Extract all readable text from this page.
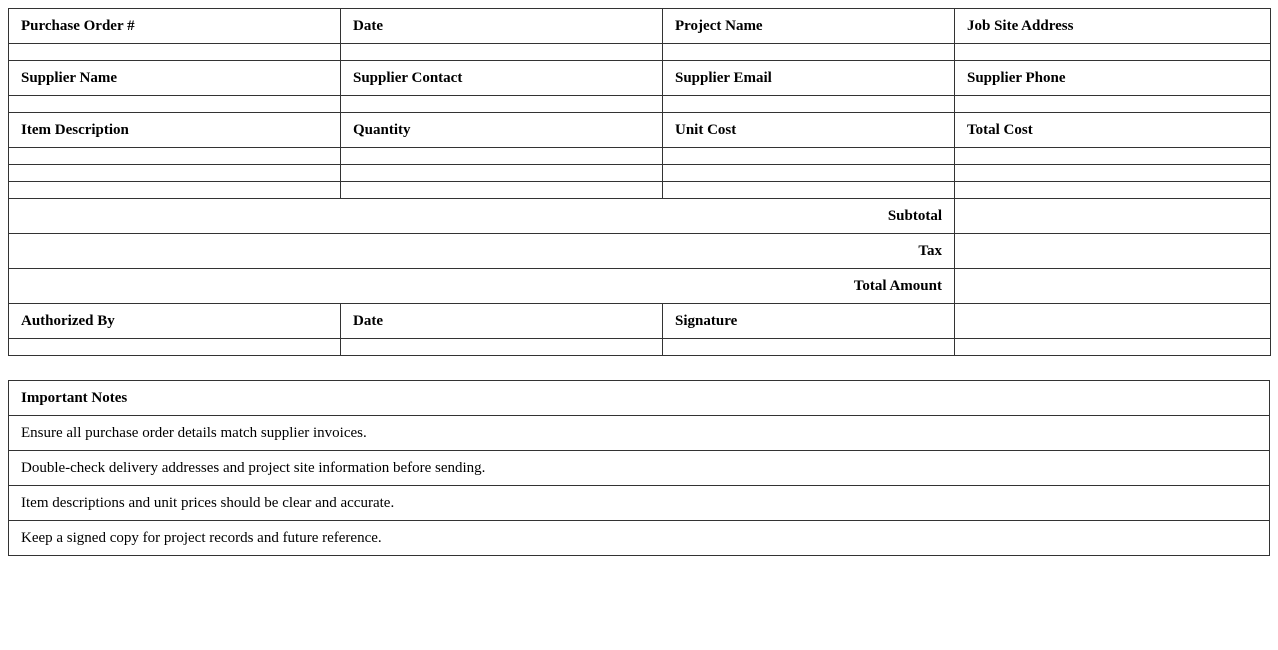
Purchase Order #	Date	Project Name	Job Site Address

Supplier Name	Supplier Contact	Supplier Email	Supplier Phone

Item Description	Quantity	Unit Cost	Total Cost

Subtotal			
Tax			
Total Amount			
Authorized By	Date	Signature	

Important Notes
Ensure all purchase order details match supplier invoices.
Double-check delivery addresses and project site information before sending.
Item descriptions and unit prices should be clear and accurate.
Keep a signed copy for project records and future reference.
